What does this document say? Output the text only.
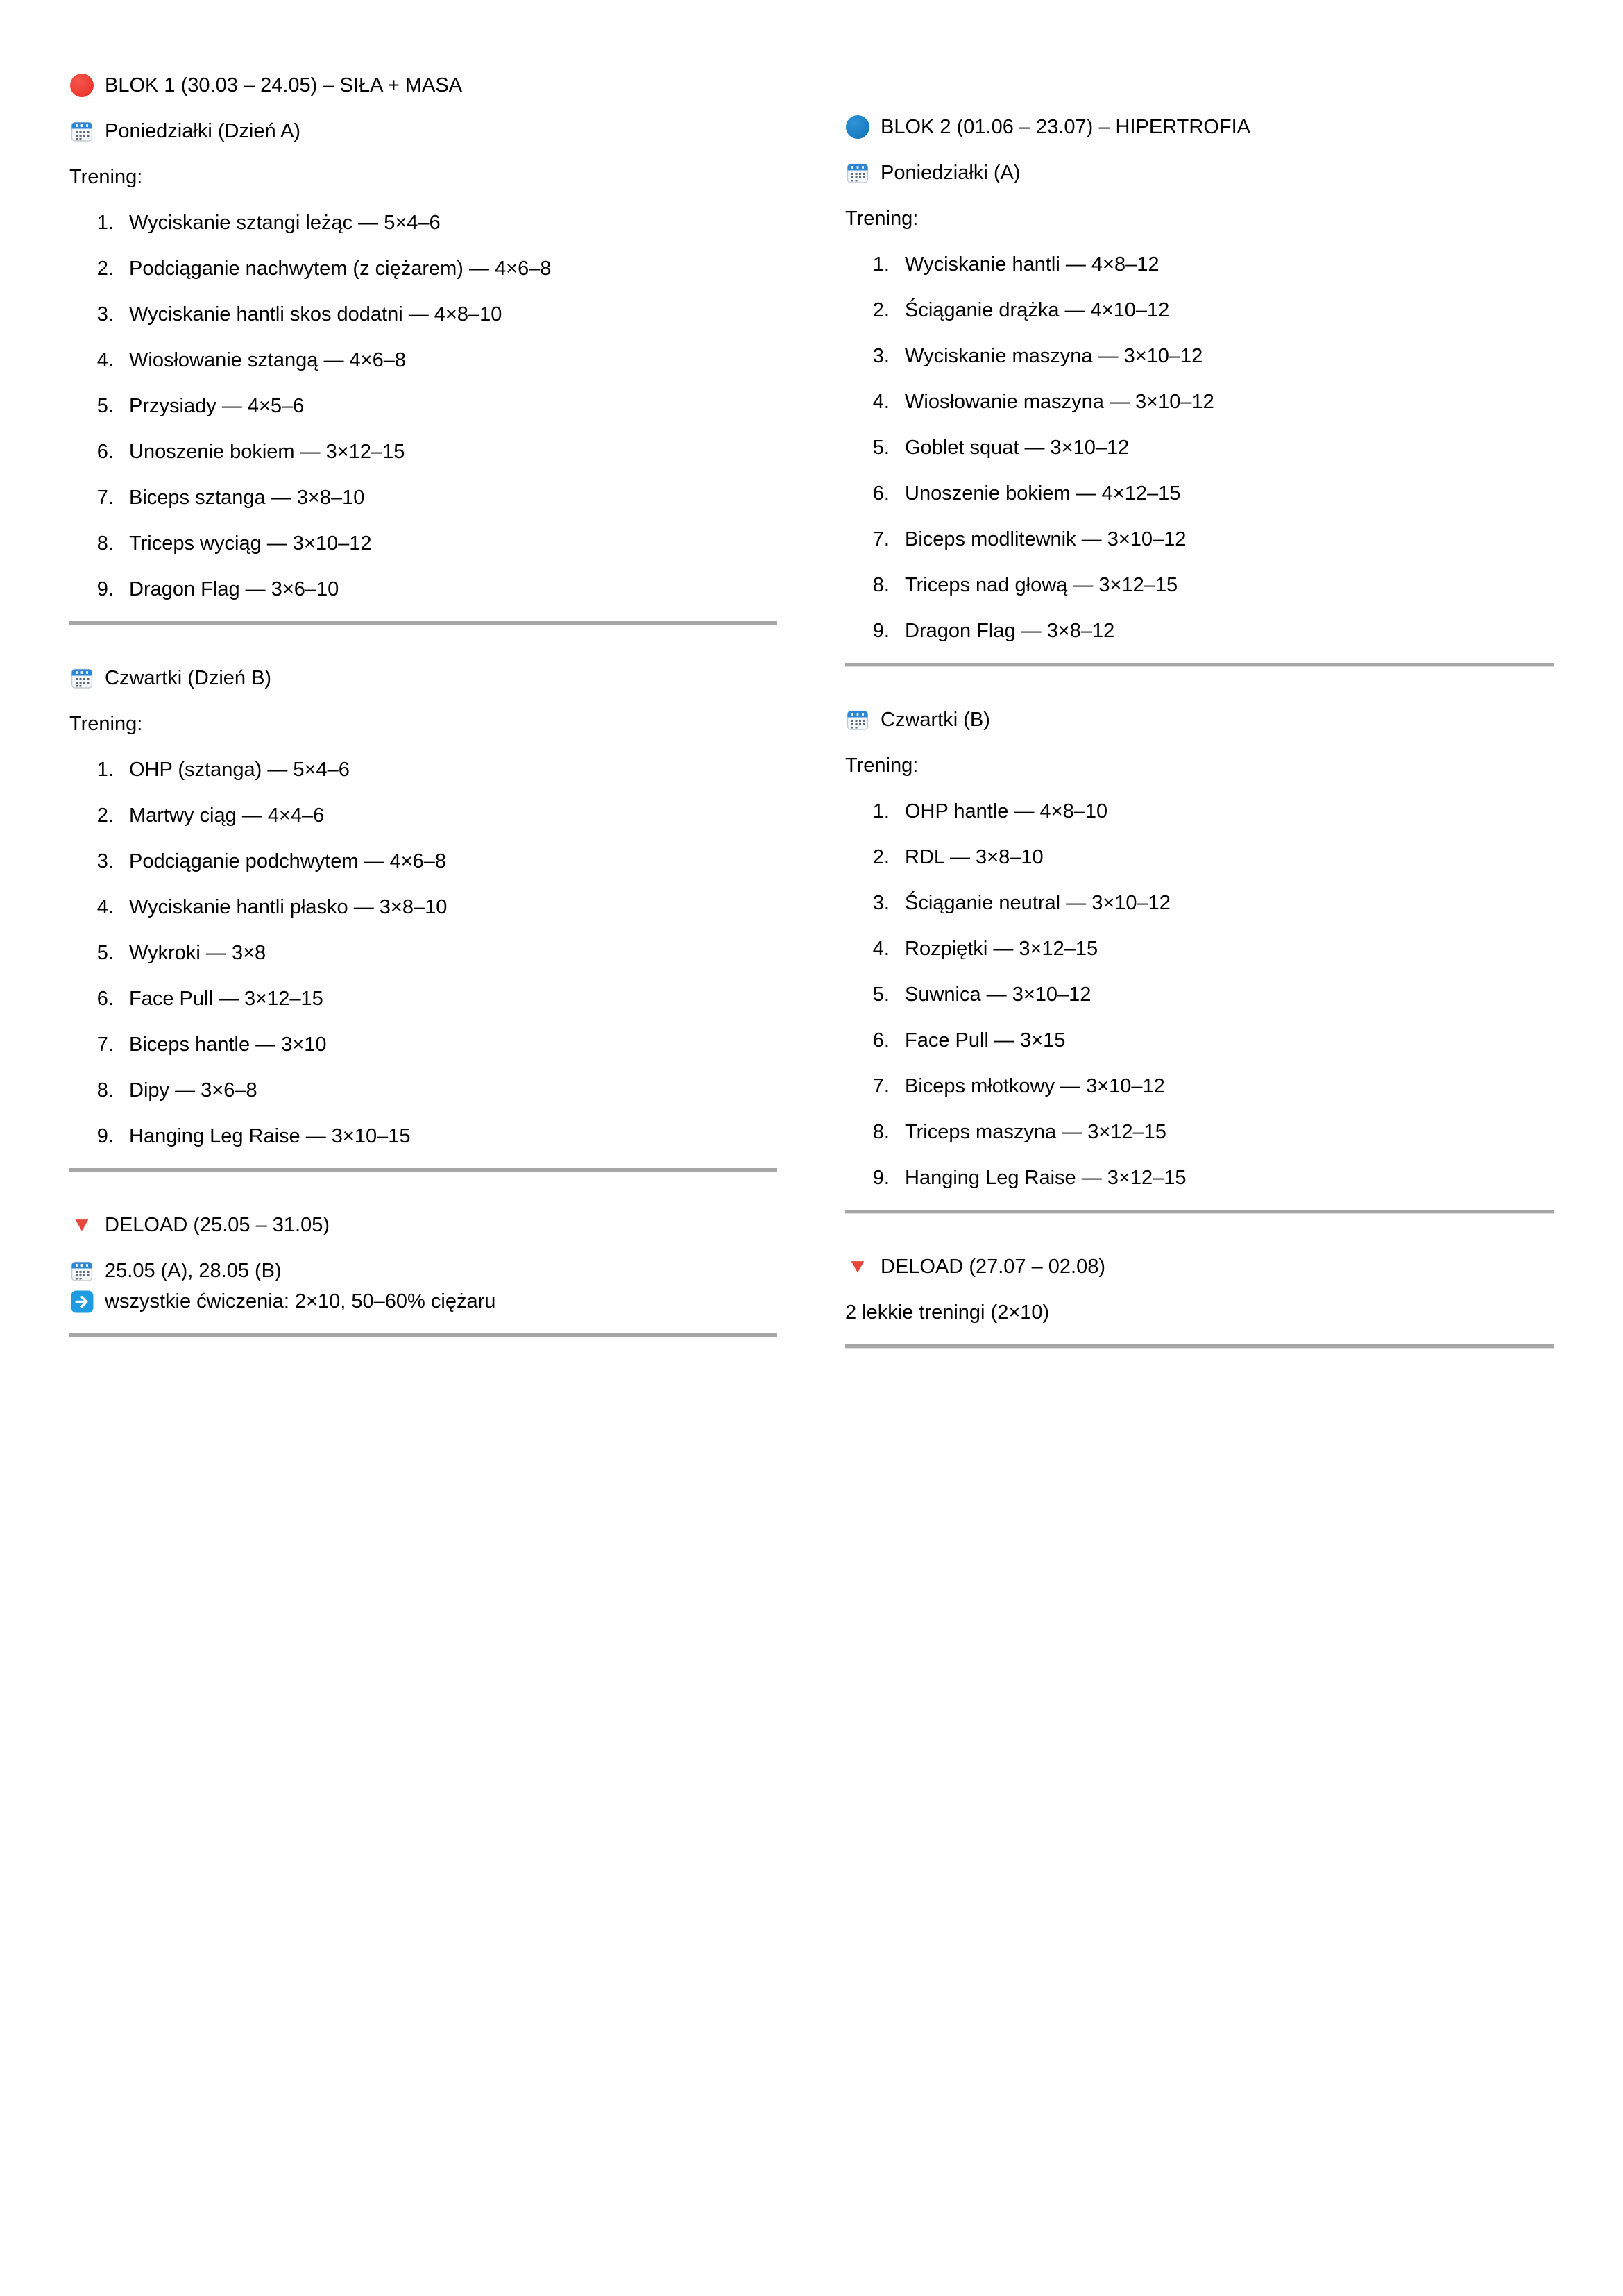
BLOK 1 (30.03 – 24.05) – SIŁA + MASA
Poniedziałki (Dzień A)

Trening:

1. Wyciskanie sztangi leżąc — 5×4–6
2. Podciąganie nachwytem (z ciężarem) — 4×6–8
3. Wyciskanie hantli skos dodatni — 4×8–10
4. Wiosłowanie sztangą — 4×6–8
5. Przysiady — 4×5–6
6. Unoszenie bokiem — 3×12–15
7. Biceps sztanga — 3×8–10
8. Triceps wyciąg — 3×10–12
9. Dragon Flag — 3×6–10
Czwartki (Dzień B)

Trening:

1. OHP (sztanga) — 5×4–6
2. Martwy ciąg — 4×4–6
3. Podciąganie podchwytem — 4×6–8
4. Wyciskanie hantli płasko — 3×8–10
5. Wykroki — 3×8
6. Face Pull — 3×12–15
7. Biceps hantle — 3×10
8. Dipy — 3×6–8
9. Hanging Leg Raise — 3×10–15
DELOAD (25.05 – 31.05)
25.05 (A), 28.05 (B)
wszystkie ćwiczenia: 2×10, 50–60% ciężaru
BLOK 2 (01.06 – 23.07) – HIPERTROFIA
Poniedziałki (A)

Trening:

1. Wyciskanie hantli — 4×8–12
2. Ściąganie drążka — 4×10–12
3. Wyciskanie maszyna — 3×10–12
4. Wiosłowanie maszyna — 3×10–12
5. Goblet squat — 3×10–12
6. Unoszenie bokiem — 4×12–15
7. Biceps modlitewnik — 3×10–12
8. Triceps nad głową — 3×12–15
9. Dragon Flag — 3×8–12
Czwartki (B)

Trening:

1. OHP hantle — 4×8–10
2. RDL — 3×8–10
3. Ściąganie neutral — 3×10–12
4. Rozpiętki — 3×12–15
5. Suwnica — 3×10–12
6. Face Pull — 3×15
7. Biceps młotkowy — 3×10–12
8. Triceps maszyna — 3×12–15
9. Hanging Leg Raise — 3×12–15
DELOAD (27.07 – 02.08)

2 lekkie treningi (2×10)
